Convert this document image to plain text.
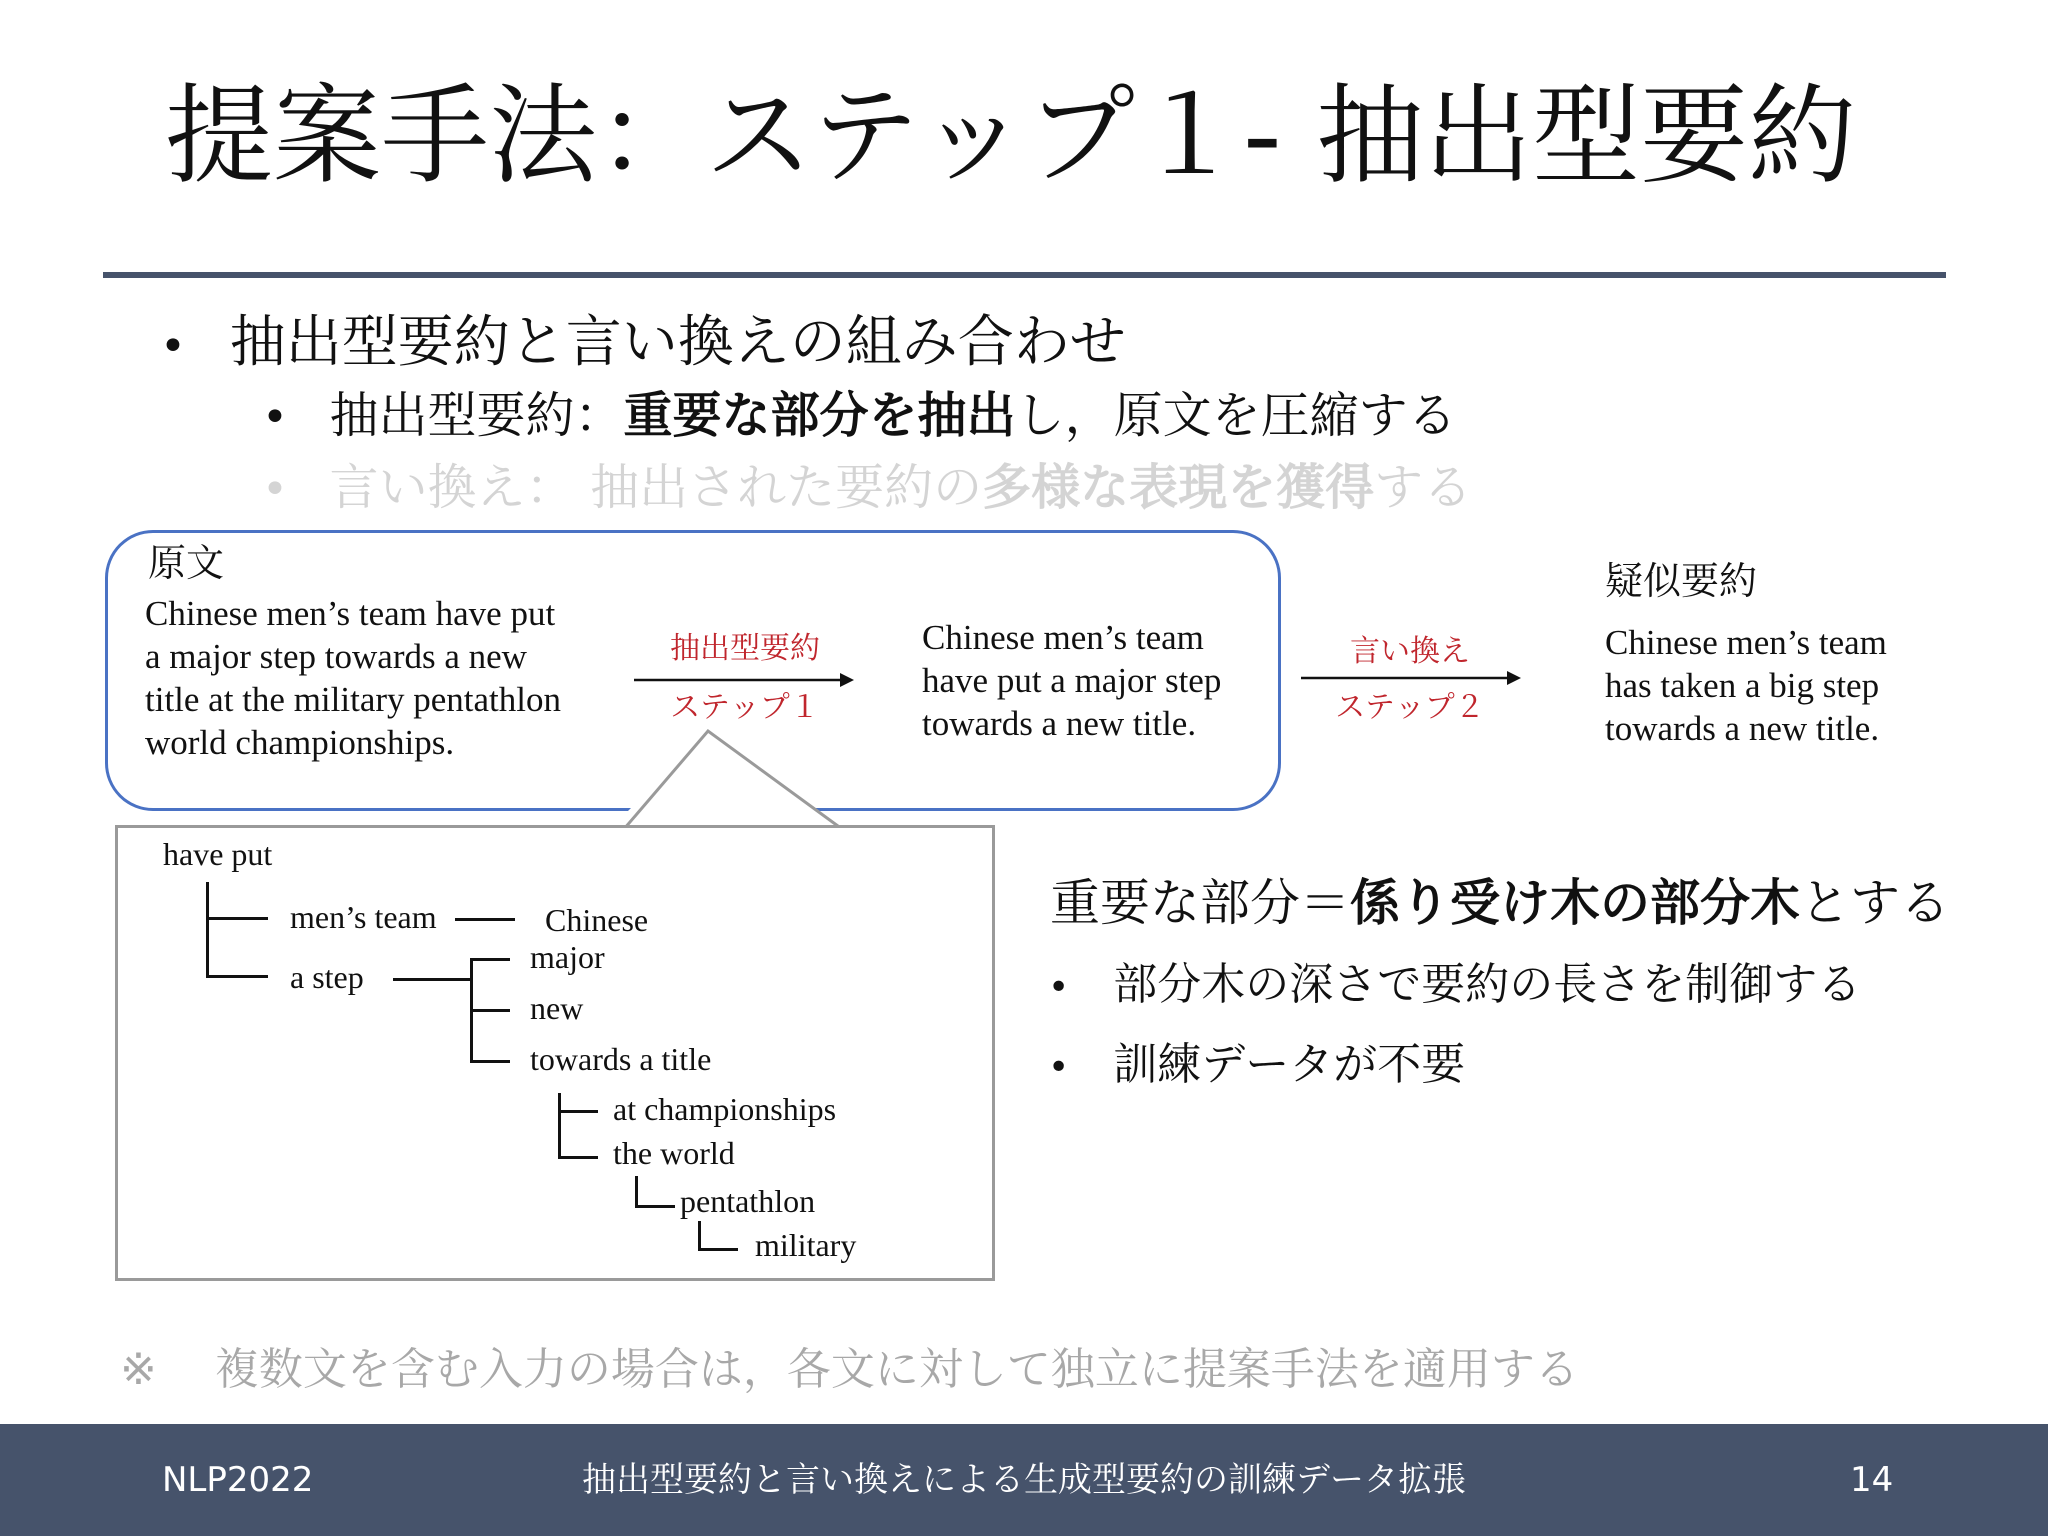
提案手法：ステップ１- 抽出型要約
• 抽出型要約と言い換えの組み合わせ
• 抽出型要約：重要な部分を抽出し，原文を圧縮する
• 言い換え： 抽出された要約の多様な表現を獲得する
原文
Chinese men’s team have put
a major step towards a new
title at the military pentathlon
world championships.
抽出型要約
ステップ１
Chinese men’s team
have put a major step
towards a new title.
言い換え
ステップ２
疑似要約
Chinese men’s team
has taken a big step
towards a new title.
have put
men’s team	Chinese
a step
major
new
towards a title
at championships
the world
pentathlon
military
重要な部分＝係り受け木の部分木とする
• 部分木の深さで要約の長さを制御する
• 訓練データが不要
※ 複数文を含む入力の場合は，各文に対して独立に提案手法を適用する
NLP2022	抽出型要約と言い換えによる生成型要約の訓練データ拡張	14
